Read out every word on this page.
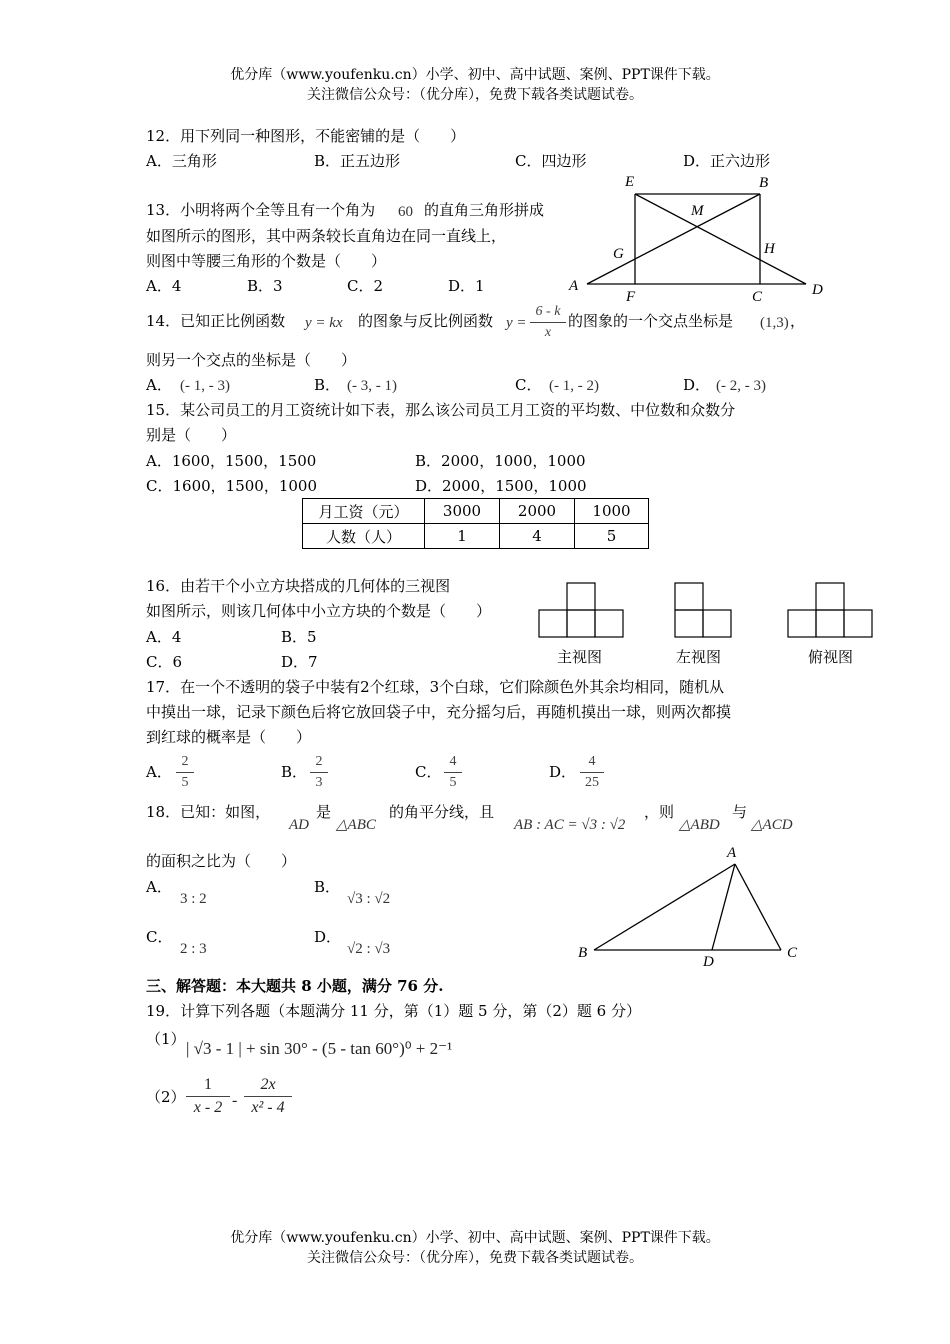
优分库（www.youfenku.cn）小学、初中、高中试题、案例、PPT课件下载。
关注微信公众号：（优分库），免费下载各类试题试卷。
12．用下列同一种图形，不能密铺的是（　　）
A．三角形	B．正五边形	C．四边形	D．正六边形
13．小明将两个全等且有一个角为 60 的直角三角形拼成
如图所示的图形，其中两条较长直角边在同一直线上，
则图中等腰三角形的个数是（　　）
A．4	B．3	C．2	D．1
E	B
M
G	H
A
F	C	D
14．已知正比例函数 y = kx 的图象与反比例函数 y =
6 - k
x
的图象的一个交点坐标是 (1,3) ，
则另一个交点的坐标是（　　）
A． (- 1, - 3)	B． (- 3, - 1)	C． (- 1, - 2)	D． (- 2, - 3)
15．某公司员工的月工资统计如下表，那么该公司员工月工资的平均数、中位数和众数分
别是（　　）
A．1600，1500，1500	B．2000，1000，1000
C．1600，1500，1000	D．2000，1500，1000
月工资（元）	3000	2000	1000
人数（人）	1	4	5
16．由若干个小立方块搭成的几何体的三视图
如图所示，则该几何体中小立方块的个数是（　　）
A．4	B．5
C．6	D．7	主视图	左视图	俯视图
17．在一个不透明的袋子中装有2个红球，3个白球，它们除颜色外其余均相同，随机从
中摸出一球，记录下颜色后将它放回袋子中，充分摇匀后，再随机摸出一球，则两次都摸
到红球的概率是（　　）
A．
2
5
B．
2
3
C．
4
5
D．
4
25
18．已知：如图，
AD
是
△ABC
的角平分线，且
AB : AC = √3 : √2
，则
△ABD
与
△ACD
的面积之比为（　　）
A．
3 : 2
B．
√3 : √2
C．
2 : 3
D．
√2 : √3
A
B
D
C
三、解答题：本大题共 8 小题，满分 76 分.
19．计算下列各题（本题满分 11 分，第（1）题 5 分，第（2）题 6 分）
（1） | √3 - 1 | + sin 30° - (5 - tan 60°)⁰ + 2⁻¹
（2）
1
x - 2 -
2x
x² - 4
优分库（www.youfenku.cn）小学、初中、高中试题、案例、PPT课件下载。
关注微信公众号：（优分库），免费下载各类试题试卷。
